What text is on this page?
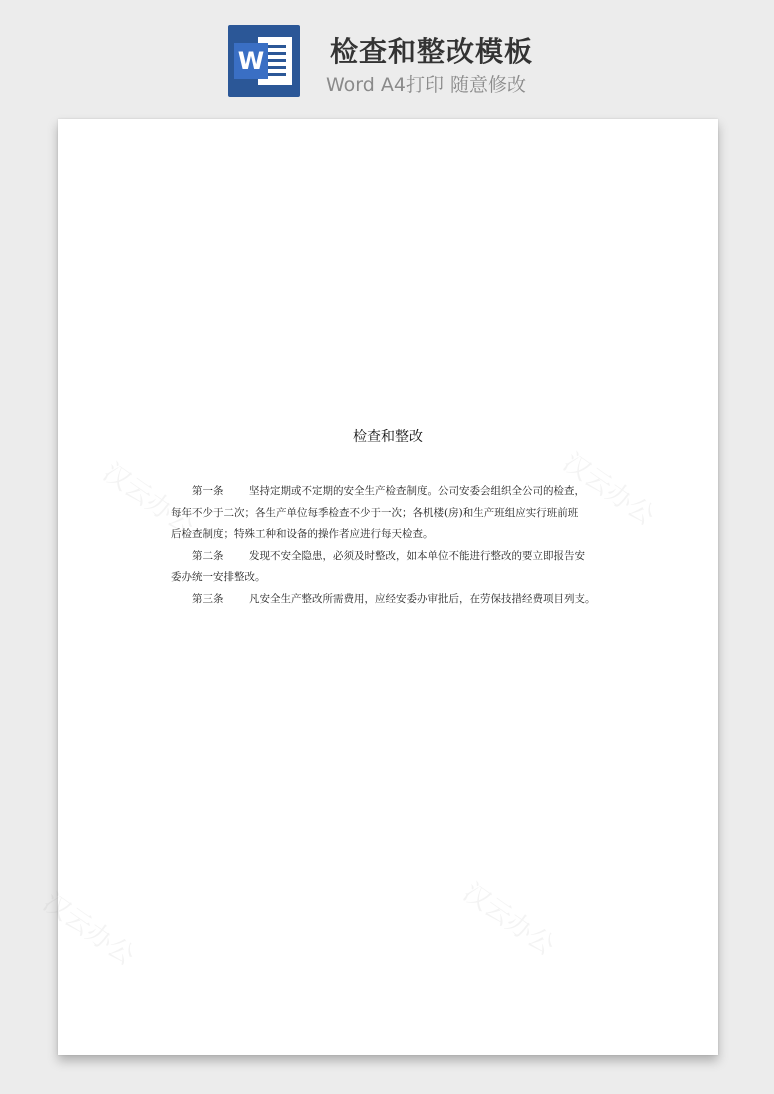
W 检查和整改模板
Word A4打印 随意修改
汉云办公	汉云办公
汉云办公	汉云办公
检查和整改
第一条 坚持定期或不定期的安全生产检查制度。公司安委会组织全公司的检查，
每年不少于二次；各生产单位每季检查不少于一次；各机楼(房)和生产班组应实行班前班
后检查制度；特殊工种和设备的操作者应进行每天检查。
第二条 发现不安全隐患，必须及时整改，如本单位不能进行整改的要立即报告安
委办统一安排整改。
第三条 凡安全生产整改所需费用，应经安委办审批后，在劳保技措经费项目列支。
